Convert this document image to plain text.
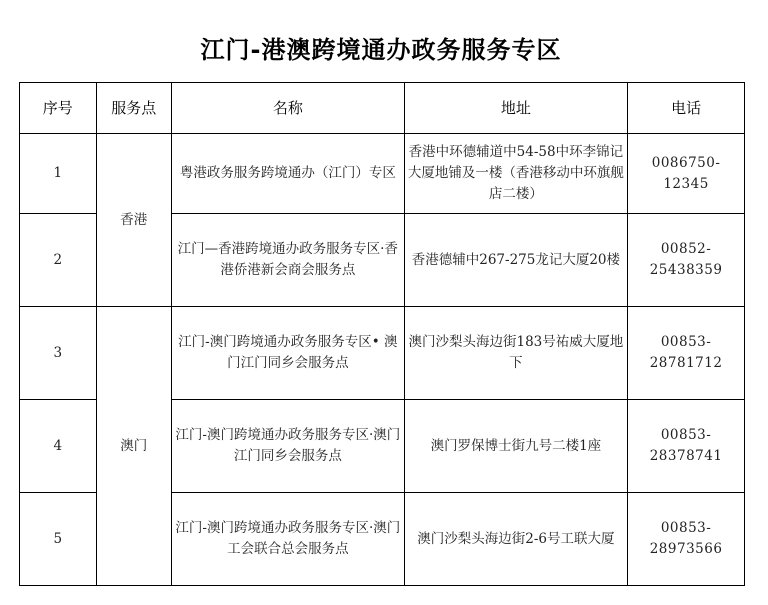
江门-港澳跨境通办政务服务专区
序号	服务点	名称	地址	电话
1	香港	粤港政务服务跨境通办（江门）专区	香港中环德辅道中54-58中环李锦记大厦地铺及一楼（香港移动中环旗舰店二楼）	0086750-
12345

2		江门—香港跨境通办政务服务专区·香港侨港新会商会服务点	香港德辅中267-275龙记大厦20楼	00852-
25438359

3	澳门	江门-澳门跨境通办政务服务专区• 澳门江门同乡会服务点	澳门沙梨头海边街183号祐威大厦地下	00853-
28781712

4		江门-澳门跨境通办政务服务专区·澳门江门同乡会服务点	澳门罗保博士街九号二楼1座	00853-
28378741

5		江门-澳门跨境通办政务服务专区·澳门工会联合总会服务点	澳门沙梨头海边街2-6号工联大厦	00853-
28973566
